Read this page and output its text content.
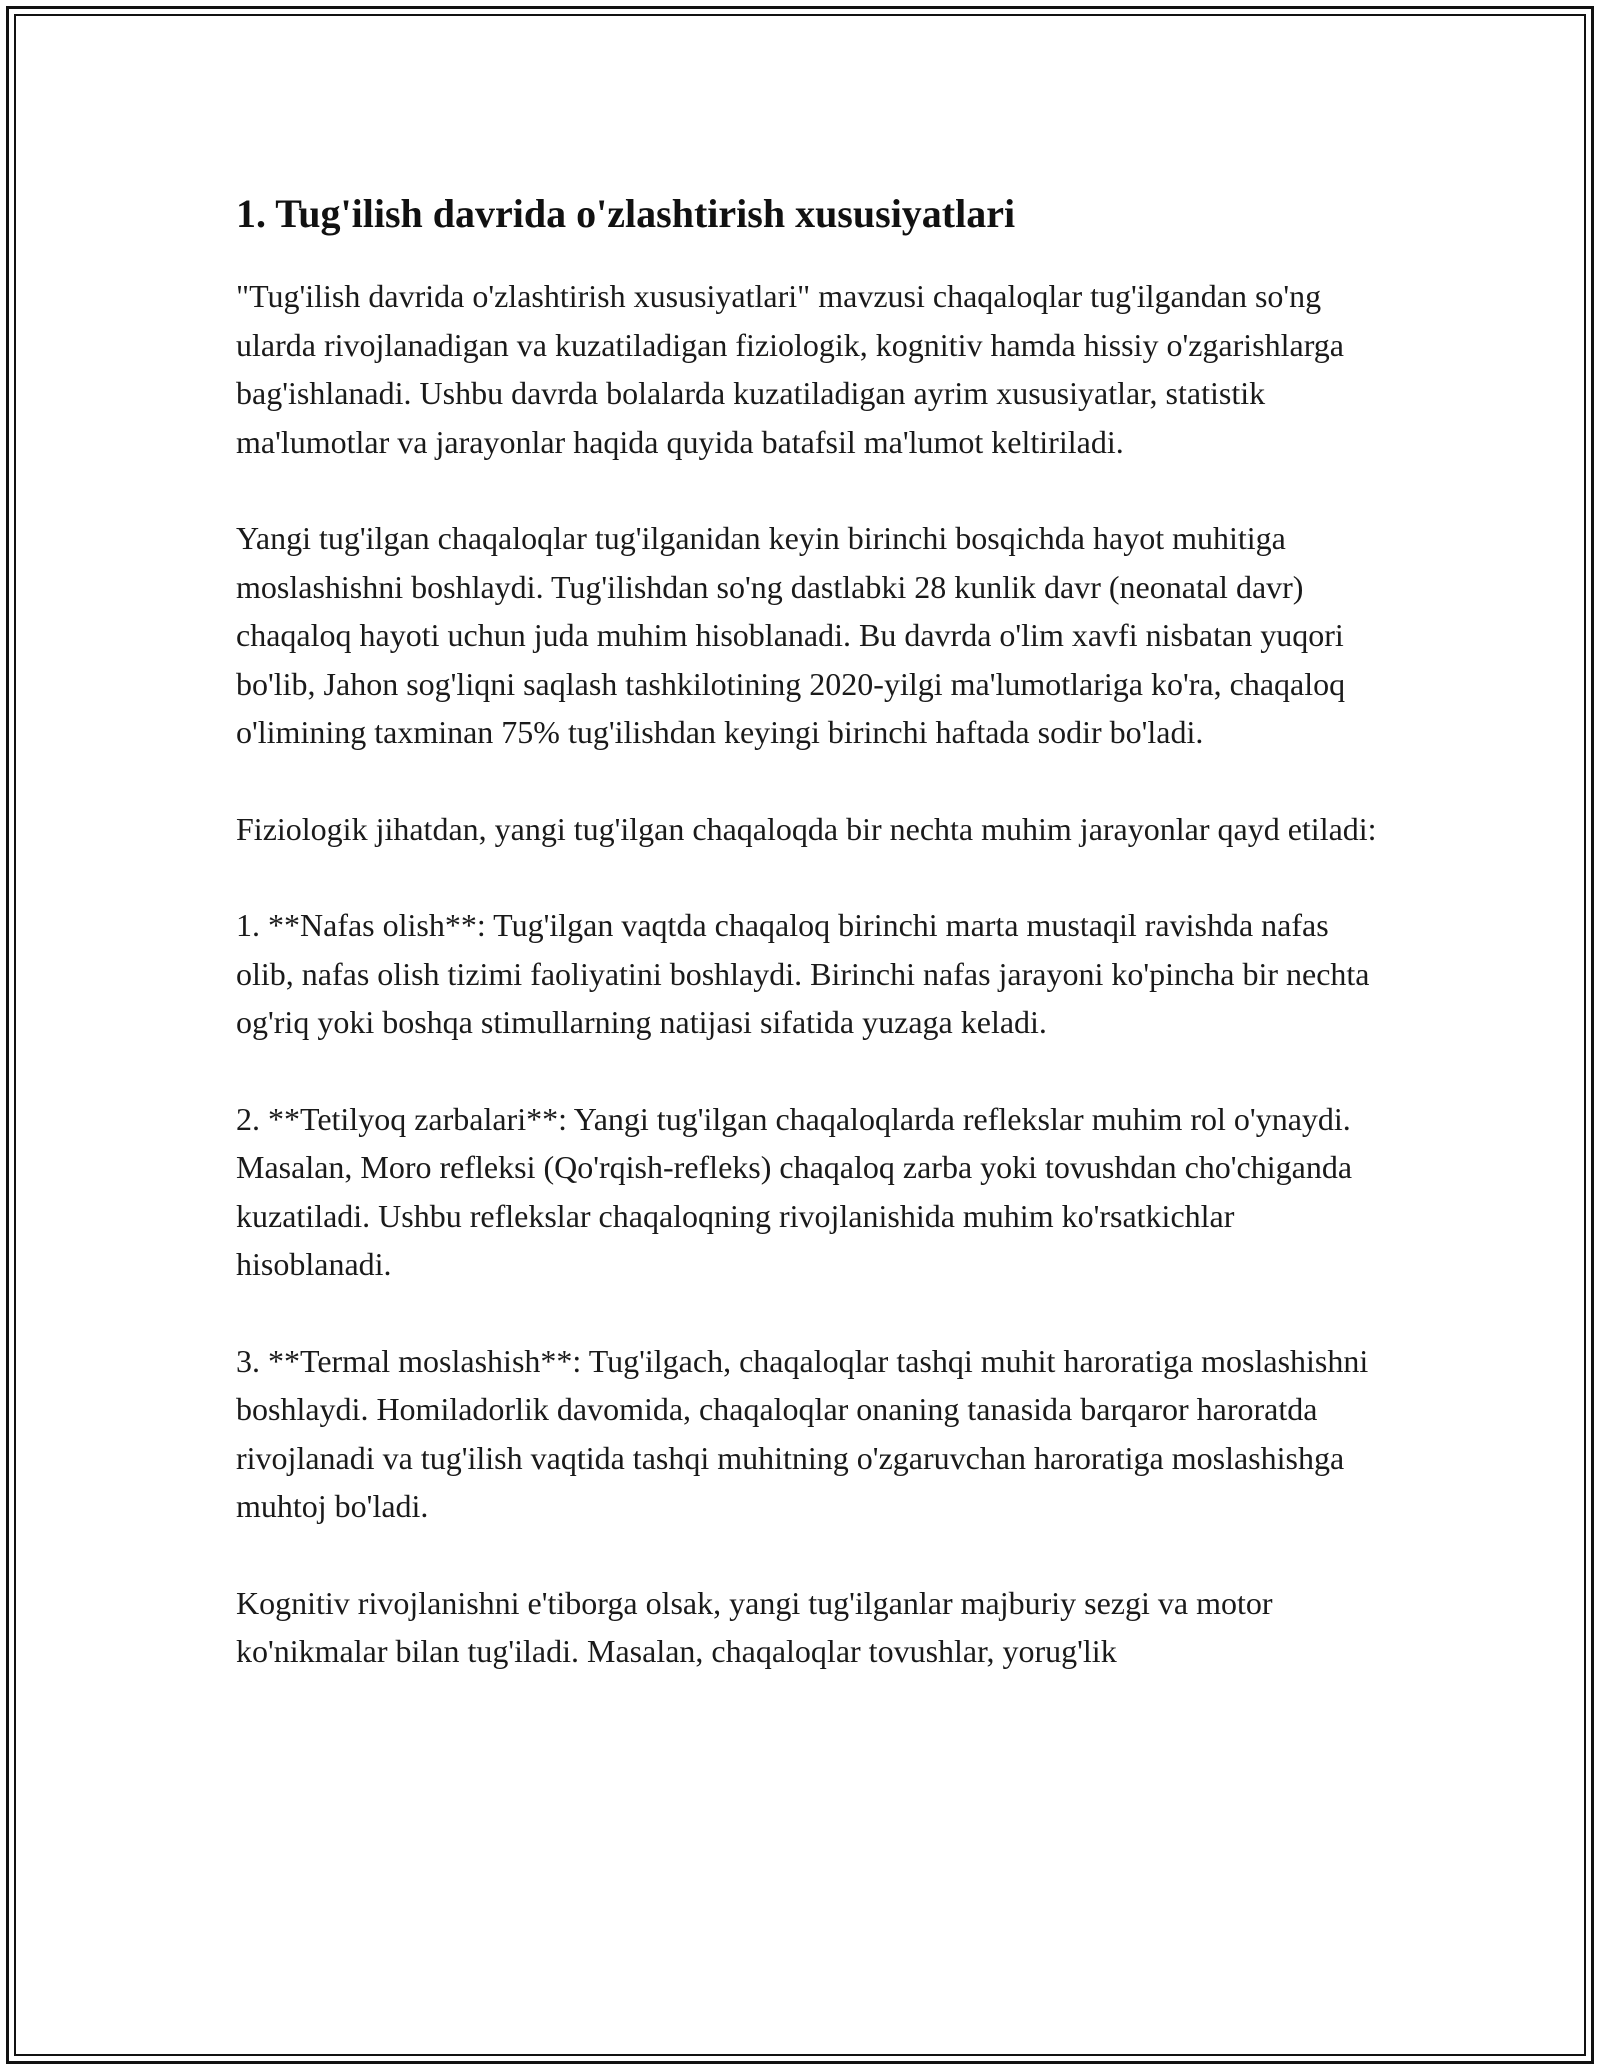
1. Tug'ilish davrida o'zlashtirish xususiyatlari

"Tug'ilish davrida o'zlashtirish xususiyatlari" mavzusi chaqaloqlar tug'ilgandan so'ng ularda rivojlanadigan va kuzatiladigan fiziologik, kognitiv hamda hissiy o'zgarishlarga bag'ishlanadi. Ushbu davrda bolalarda kuzatiladigan ayrim xususiyatlar, statistik ma'lumotlar va jarayonlar haqida quyida batafsil ma'lumot keltiriladi.

Yangi tug'ilgan chaqaloqlar tug'ilganidan keyin birinchi bosqichda hayot muhitiga moslashishni boshlaydi. Tug'ilishdan so'ng dastlabki 28 kunlik davr (neonatal davr) chaqaloq hayoti uchun juda muhim hisoblanadi. Bu davrda o'lim xavfi nisbatan yuqori bo'lib, Jahon sog'liqni saqlash tashkilotining 2020-yilgi ma'lumotlariga ko'ra, chaqaloq o'limining taxminan 75% tug'ilishdan keyingi birinchi haftada sodir bo'ladi.

Fiziologik jihatdan, yangi tug'ilgan chaqaloqda bir nechta muhim jarayonlar qayd etiladi:

1. **Nafas olish**: Tug'ilgan vaqtda chaqaloq birinchi marta mustaqil ravishda nafas olib, nafas olish tizimi faoliyatini boshlaydi. Birinchi nafas jarayoni ko'pincha bir nechta og'riq yoki boshqa stimullarning natijasi sifatida yuzaga keladi.

2. **Tetilyoq zarbalari**: Yangi tug'ilgan chaqaloqlarda reflekslar muhim rol o'ynaydi. Masalan, Moro refleksi (Qo'rqish-refleks) chaqaloq zarba yoki tovushdan cho'chiganda kuzatiladi. Ushbu reflekslar chaqaloqning rivojlanishida muhim ko'rsatkichlar hisoblanadi.

3. **Termal moslashish**: Tug'ilgach, chaqaloqlar tashqi muhit haroratiga moslashishni boshlaydi. Homiladorlik davomida, chaqaloqlar onaning tanasida barqaror haroratda rivojlanadi va tug'ilish vaqtida tashqi muhitning o'zgaruvchan haroratiga moslashishga muhtoj bo'ladi.

Kognitiv rivojlanishni e'tiborga olsak, yangi tug'ilganlar majburiy sezgi va motor ko'nikmalar bilan tug'iladi. Masalan, chaqaloqlar tovushlar, yorug'lik
